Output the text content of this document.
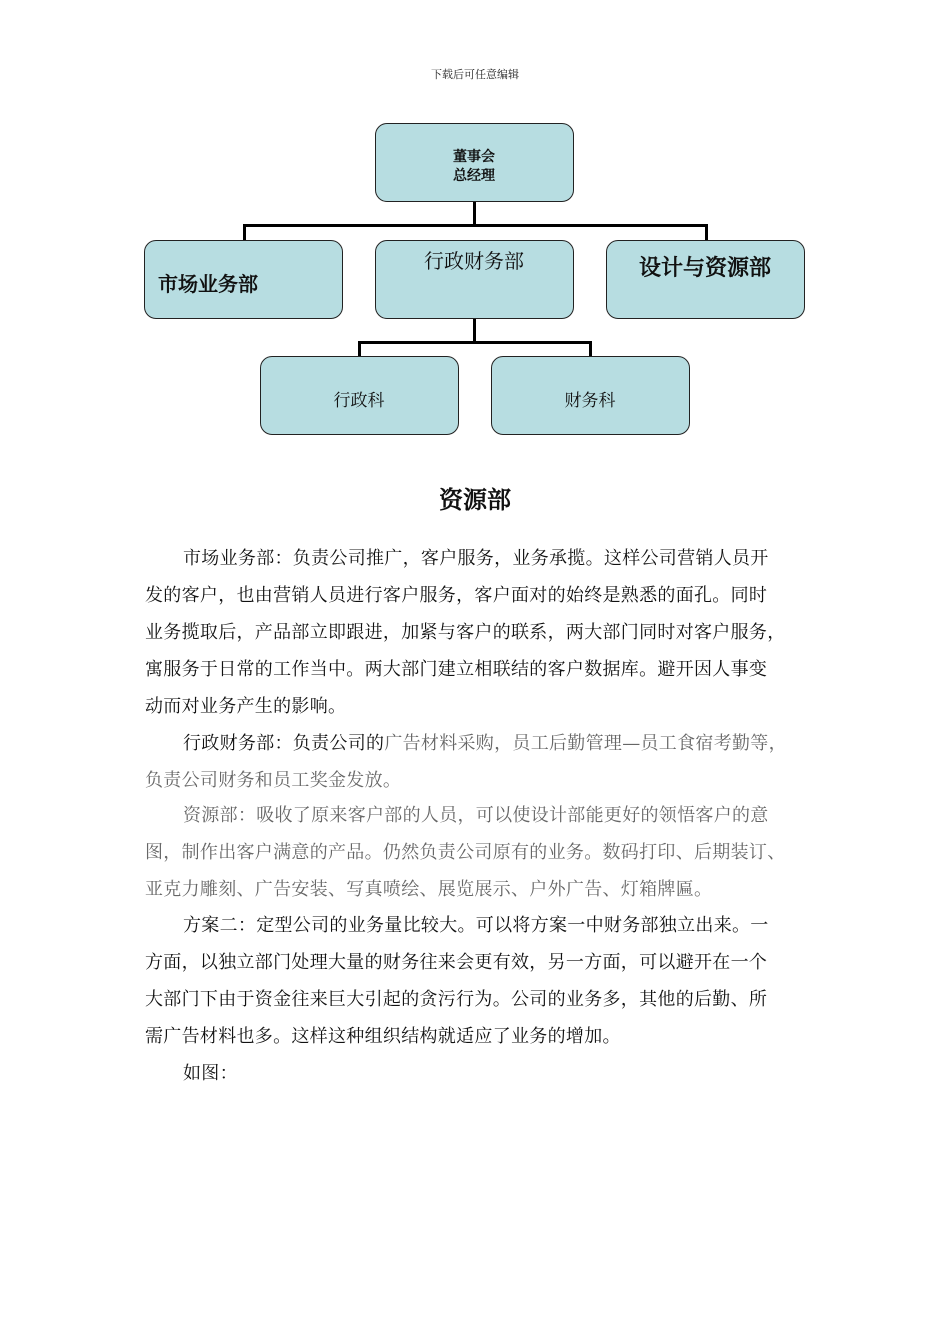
下载后可任意编辑
董事会
总经理
市场业务部
行政财务部	设计与资源部
行政科	财务科
资源部
市场业务部：负责公司推广，客户服务，业务承揽。这样公司营销人员开
发的客户，也由营销人员进行客户服务，客户面对的始终是熟悉的面孔。同时
业务揽取后，产品部立即跟进，加紧与客户的联系，两大部门同时对客户服务，
寓服务于日常的工作当中。两大部门建立相联结的客户数据库。避开因人事变
动而对业务产生的影响。
行政财务部：负责公司的广告材料采购，员工后勤管理—员工食宿考勤等，
负责公司财务和员工奖金发放。
资源部：吸收了原来客户部的人员，可以使设计部能更好的领悟客户的意
图，制作出客户满意的产品。仍然负责公司原有的业务。数码打印、后期装订、
亚克力雕刻、广告安装、写真喷绘、展览展示、户外广告、灯箱牌匾。
方案二：定型公司的业务量比较大。可以将方案一中财务部独立出来。一
方面，以独立部门处理大量的财务往来会更有效，另一方面，可以避开在一个
大部门下由于资金往来巨大引起的贪污行为。公司的业务多，其他的后勤、所
需广告材料也多。这样这种组织结构就适应了业务的增加。
如图：
